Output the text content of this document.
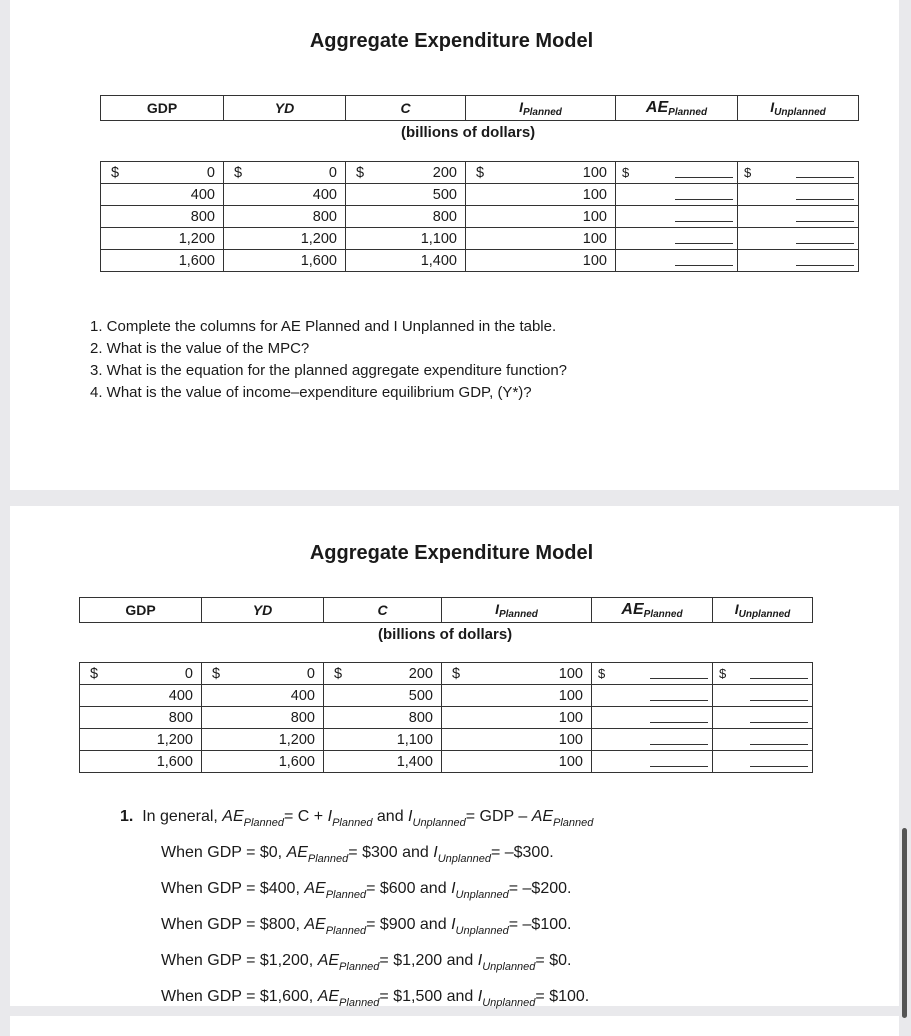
Aggregate Expenditure Model
GDP	YD	C	$I_{Planned}$	$AE_{Planned}$	$I_{Unplanned}$
(billions of dollars)
$ 0	$ 0	$ 200	$ 100	$	$

400	400	500	100		
800	800	800	100		
1,200	1,200	1,100	100		
1,600	1,600	1,400	100		

1. Complete the columns for AE Planned and I Unplanned in the table.

2. What is the value of the MPC?

3. What is the equation for the planned aggregate expenditure function?

4. What is the value of income–expenditure equilibrium GDP, (Y*)?

Aggregate Expenditure Model
GDP	YD	C	$I_{Planned}$	$AE_{Planned}$	$I_{Unplanned}$
(billions of dollars)
$ 0	$ 0	$ 200	$ 100	$	$

400	400	500	100		
800	800	800	100		
1,200	1,200	1,100	100		
1,600	1,600	1,400	100		

1. In general, $AE_{Planned}= C + I_{Planned}$ and $I_{Unplanned}=$ GDP – $AE_{Planned}$

When GDP = $0, $AE_{Planned}=$ $300 and $I_{Unplanned}=$ –$300.

When GDP = $400, $AE_{Planned}=$ $600 and $I_{Unplanned}=$ –$200.

When GDP = $800, $AE_{Planned}=$ $900 and $I_{Unplanned}=$ –$100.

When GDP = $1,200, $AE_{Planned}=$ $1,200 and $I_{Unplanned}=$ $0.

When GDP = $1,600, $AE_{Planned}=$ $1,500 and $I_{Unplanned}=$ $100.
